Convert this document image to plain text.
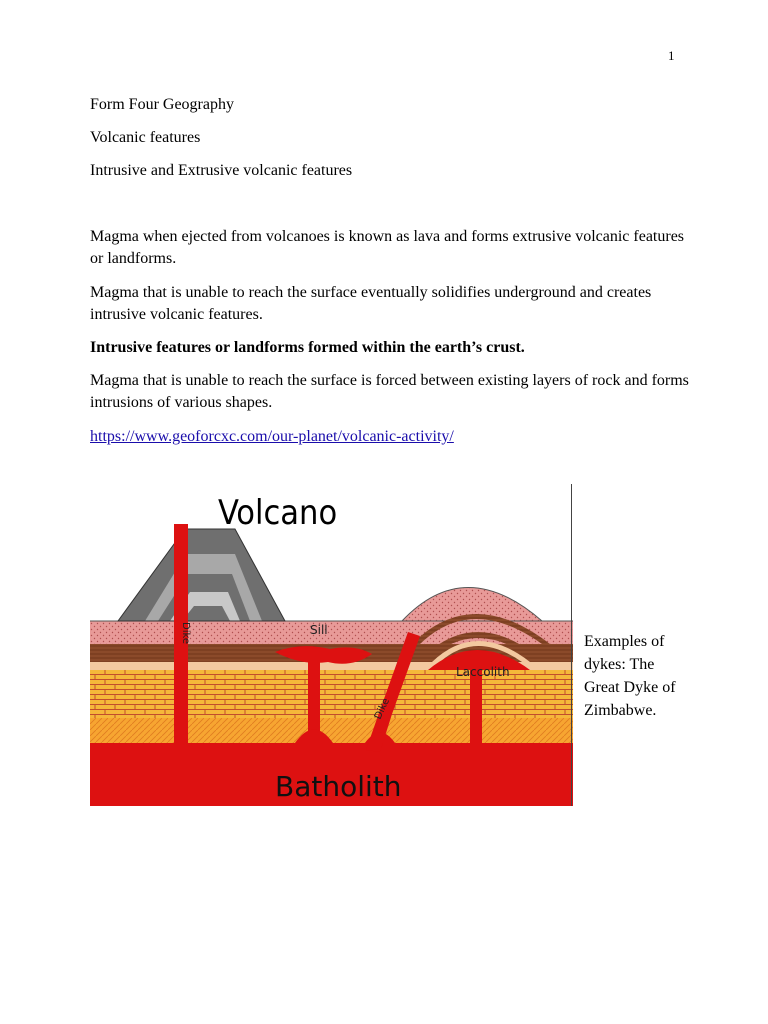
1
Form Four Geography
Volcanic features
Intrusive and Extrusive volcanic features
Magma when ejected from volcanoes is known as lava and forms extrusive volcanic features or landforms.
Magma that is unable to reach the surface eventually solidifies underground and creates intrusive volcanic features.
Intrusive features or landforms formed within the earth’s crust.
Magma that is unable to reach the surface is forced between existing layers of rock and forms intrusions of various shapes.
https://www.geoforcxc.com/our-planet/volcanic-activity/
Volcano
Dike	Sill
Dike
Laccolith
Batholith
Examples of dykes: The Great Dyke of Zimbabwe.
